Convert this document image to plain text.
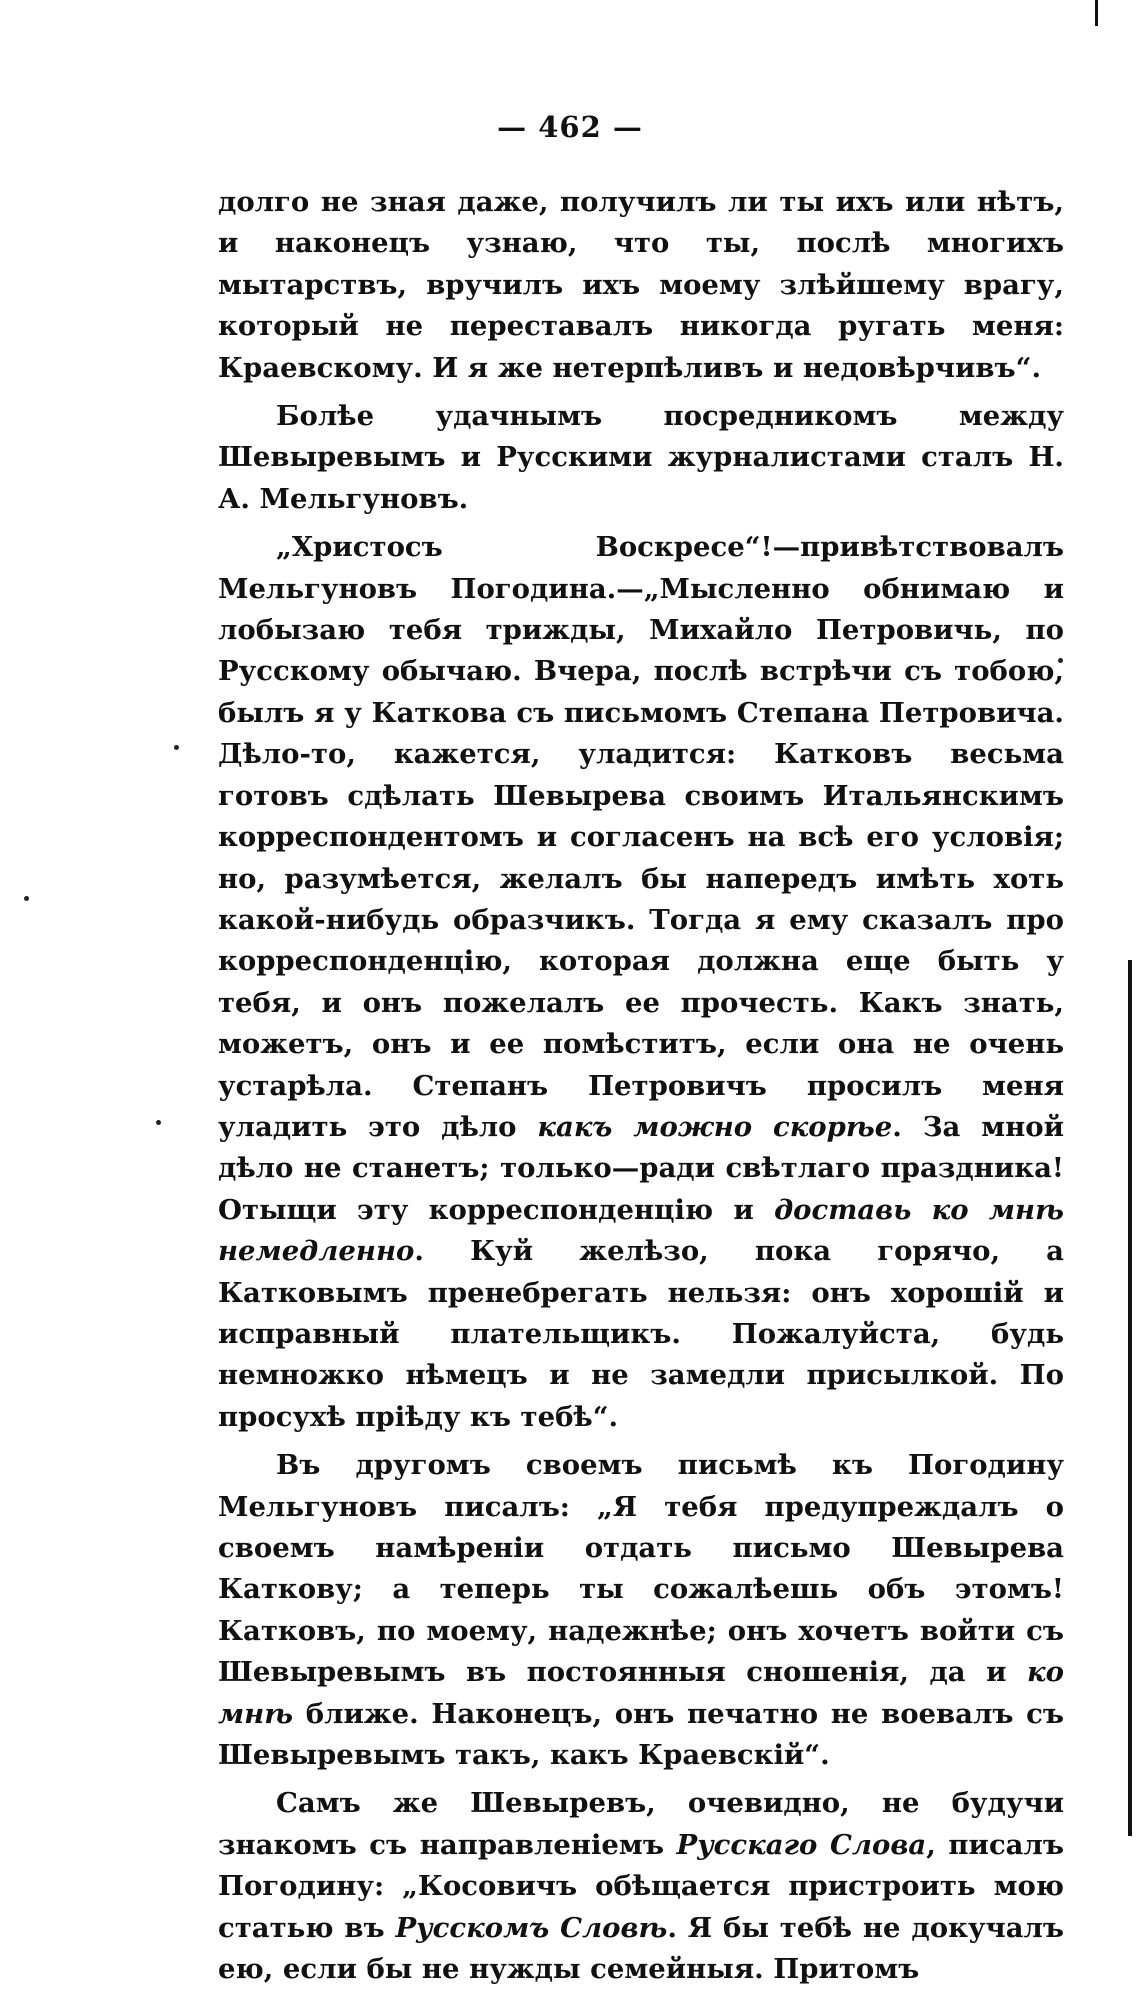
— 462 —

долго не зная даже, получилъ ли ты ихъ или нѣтъ, и наконецъ узнаю, что ты, послѣ многихъ мытарствъ, вручилъ ихъ моему злѣйшему врагу, который не переставалъ никогда ругать меня: Краевскому. И я же нетерпѣливъ и недовѣрчивъ“.

Болѣе удачнымъ посредникомъ между Шевыревымъ и Русскими журналистами сталъ Н. А. Мельгуновъ.

„Христосъ Воскресе“!—привѣтствовалъ Мельгуновъ Погодина.—„Мысленно обнимаю и лобызаю тебя трижды, Михайло Петровичь, по Русскому обычаю. Вчера, послѣ встрѣчи съ тобою, былъ я у Каткова съ письмомъ Степана Петровича. Дѣло-то, кажется, уладится: Катковъ весьма готовъ сдѣлать Шевырева своимъ Итальянскимъ корреспондентомъ и согласенъ на всѣ его условія; но, разумѣется, желалъ бы напередъ имѣть хоть какой-нибудь образчикъ. Тогда я ему сказалъ про корреспонденцію, которая должна еще быть у тебя, и онъ пожелалъ ее прочесть. Какъ знать, можетъ, онъ и ее помѣститъ, если она не очень устарѣла. Степанъ Петровичъ просилъ меня уладить это дѣло какъ можно скорѣе. За мной дѣло не станетъ; только—ради свѣтлаго праздника! Отыщи эту корреспонденцію и доставь ко мнѣ немедленно. Куй желѣзо, пока горячо, а Катковымъ пренебрегать нельзя: онъ хорошій и исправный плательщикъ. Пожалуйста, будь немножко нѣмецъ и не замедли присылкой. По просухѣ пріѣду къ тебѣ“.

Въ другомъ своемъ письмѣ къ Погодину Мельгуновъ писалъ: „Я тебя предупреждалъ о своемъ намѣреніи отдать письмо Шевырева Каткову; а теперь ты сожалѣешь объ этомъ! Катковъ, по моему, надежнѣе; онъ хочетъ войти съ Шевыревымъ въ постоянныя сношенія, да и ко мнѣ ближе. Наконецъ, онъ печатно не воевалъ съ Шевыревымъ такъ, какъ Краевскій“.

Самъ же Шевыревъ, очевидно, не будучи знакомъ съ направленіемъ Русскаго Слова, писалъ Погодину: „Косовичъ обѣщается пристроить мою статью въ Русскомъ Словѣ. Я бы тебѣ не докучалъ ею, если бы не нужды семейныя. Притомъ
